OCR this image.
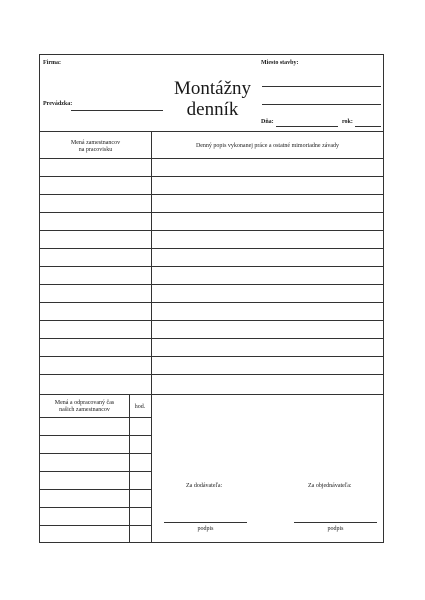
Firma:
Prevádzka:
Montážny
denník
Miesto stavby:
Dňa:	rok:
Mená zamestnancov
na pracovisku
Denný popis vykonanej práce a ostatné mimoriadne závady
Mená a odpracovaný čas
našich zamestnancov	hod.
Za dodávateľa:
podpis
Za objednávateľa:
podpis
